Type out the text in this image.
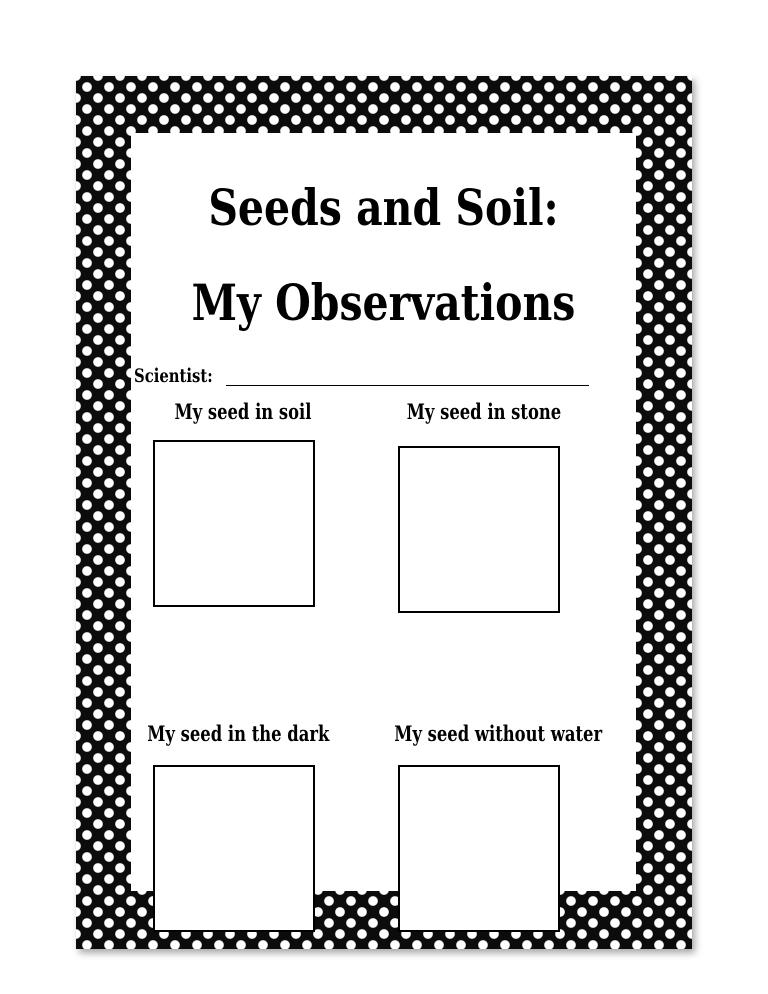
Seeds and Soil:
My Observations
Scientist:
My seed in soil	My seed in stone
My seed in the dark	My seed without water
